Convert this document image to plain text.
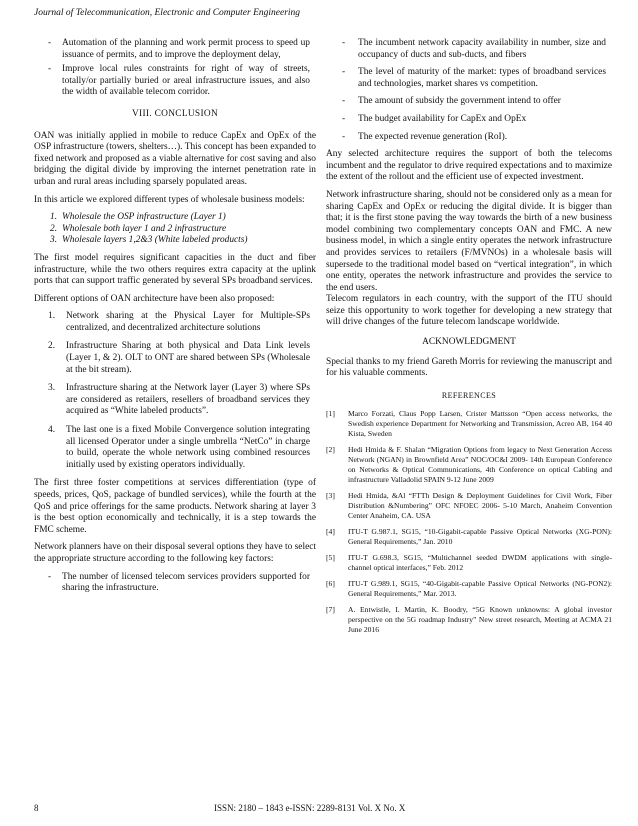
Journal of Telecommunication, Electronic and Computer Engineering
- Automation of the planning and work permit process to speed up issuance of permits, and to improve the deployment delay,
- Improve local rules constraints for right of way of streets, totally/or partially buried or areal infrastructure issues, and also the width of available telecom corridor.
VIII. CONCLUSION

OAN was initially applied in mobile to reduce CapEx and OpEx of the OSP infrastructure (towers, shelters…). This concept has been expanded to fixed network and proposed as a viable alternative for cost saving and also bridging the digital divide by improving the internet penetration rate in urban and rural areas including sparsely populated areas.

In this article we explored different types of wholesale business models:

1. Wholesale the OSP infrastructure (Layer 1)
2. Wholesale both layer 1 and 2 infrastructure
3. Wholesale layers 1,2&3 (White labeled products)

The first model requires significant capacities in the duct and fiber infrastructure, while the two others requires extra capacity at the uplink ports that can support traffic generated by several SPs broadband services.

Different options of OAN architecture have been also proposed:

1. Network sharing at the Physical Layer for Multiple-SPs centralized, and decentralized architecture solutions
2. Infrastructure Sharing at both physical and Data Link levels (Layer 1, & 2). OLT to ONT are shared between SPs (Wholesale at the bit stream).
3. Infrastructure sharing at the Network layer (Layer 3) where SPs are considered as retailers, resellers of broadband services they acquired as “White labeled products”.
4. The last one is a fixed Mobile Convergence solution integrating all licensed Operator under a single umbrella “NetCo” in charge to build, operate the whole network using combined resources initially used by existing operators individually.

The first three foster competitions at services differentiation (type of speeds, prices, QoS, package of bundled services), while the fourth at the QoS and price offerings for the same products. Network sharing at layer 3 is the best option economically and technically, it is a step towards the FMC scheme.

Network planners have on their disposal several options they have to select the appropriate structure according to the following key factors:

- The number of licensed telecom services providers supported for sharing the infrastructure.
- The incumbent network capacity availability in number, size and occupancy of ducts and sub-ducts, and fibers
- The level of maturity of the market: types of broadband services and technologies, market shares vs competition.
- The amount of subsidy the government intend to offer
- The budget availability for CapEx and OpEx
- The expected revenue generation (RoI).

Any selected architecture requires the support of both the telecoms incumbent and the regulator to drive required expectations and to maximize the extent of the rollout and the efficient use of expected investment.

Network infrastructure sharing, should not be considered only as a mean for sharing CapEx and OpEx or reducing the digital divide. It is bigger than that; it is the first stone paving the way towards the birth of a new business model combining two complementary concepts OAN and FMC. A new business model, in which a single entity operates the network infrastructure and provides services to retailers (F/MVNOs) in a wholesale basis will supersede to the traditional model based on “vertical integration”, in which one entity, operates the network infrastructure and provides the service to the end users.

Telecom regulators in each country, with the support of the ITU should seize this opportunity to work together for developing a new strategy that will drive changes of the future telecom landscape worldwide.

ACKNOWLEDGMENT

Special thanks to my friend Gareth Morris for reviewing the manuscript and for his valuable comments.

REFERENCES
[1] Marco Forzati, Claus Popp Larsen, Crister Mattsson “Open access networks, the Swedish experience Department for Networking and Transmission, Acreo AB, 164 40 Kista, Sweden
[2] Hedi Hmida & F. Shalan “Migration Options from legacy to Next Generation Access Network (NGAN) in Brownfield Area” NOC/OC&I 2009- 14th European Conference on Networks & Optical Communications, 4th Conference on optical Cabling and infrastructure Valladolid SPAIN 9-12 June 2009
[3] Hedi Hmida, &Al “FTTh Design & Deployment Guidelines for Civil Work, Fiber Distribution &Numbering” OFC NFOEC 2006- 5-10 March, Anaheim Convention Center Anaheim, CA. USA
[4] ITU-T G.987.1, SG15, “10-Gigabit-capable Passive Optical Networks (XG-PON): General Requirements,” Jan. 2010
[5] ITU-T G.698.3, SG15, “Multichannel seeded DWDM applications with single-channel optical interfaces,” Feb. 2012
[6] ITU-T G.989.1, SG15, “40-Gigabit-capable Passive Optical Networks (NG-PON2): General Requirements,” Mar. 2013.
[7] A. Entwistle, I. Martin, K. Boodry, “5G Known unknowns: A global investor perspective on the 5G roadmap Industry” New street research, Meeting at ACMA 21 June 2016
8	ISSN: 2180 – 1843 e-ISSN: 2289-8131 Vol. X No. X
